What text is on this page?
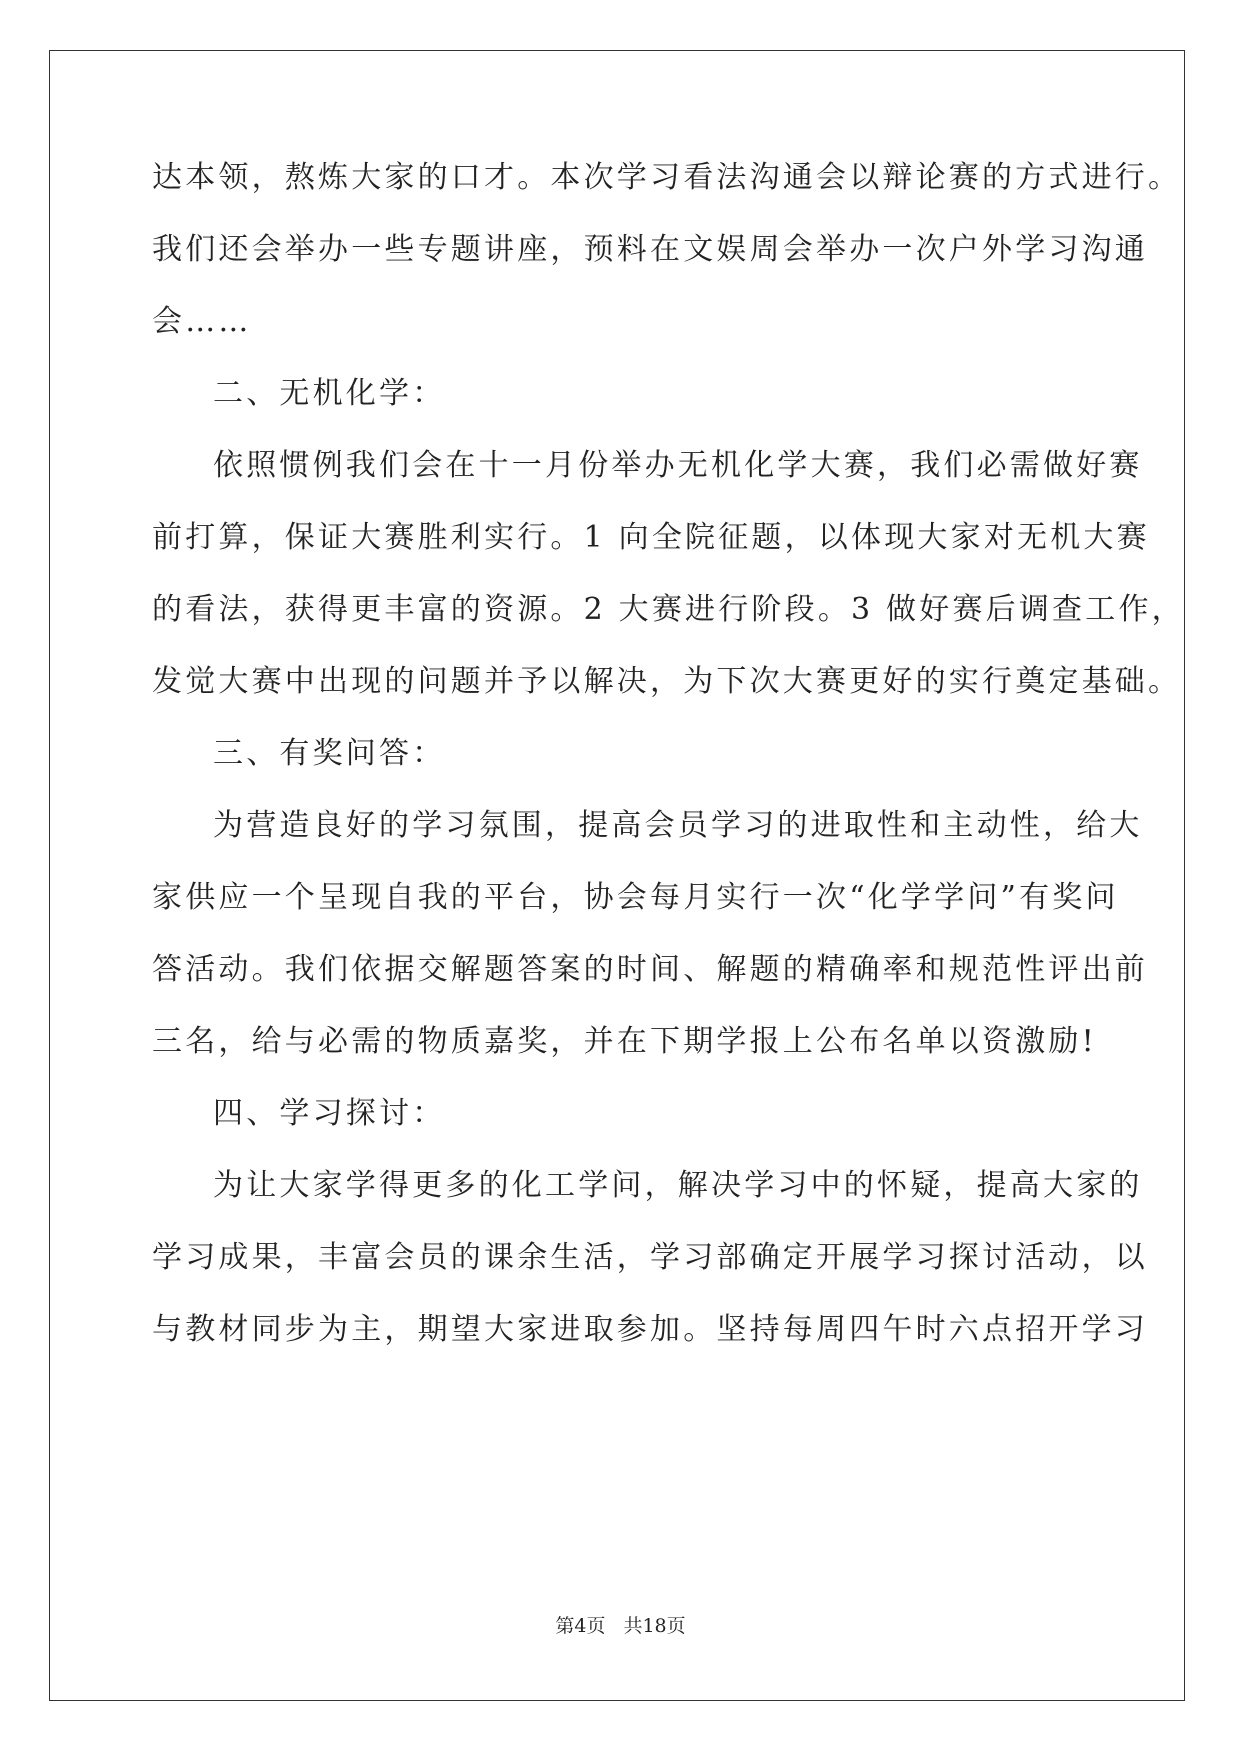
达本领，熬炼大家的口才。本次学习看法沟通会以辩论赛的方式进行。
我们还会举办一些专题讲座，预料在文娱周会举办一次户外学习沟通
会……
二、无机化学：
依照惯例我们会在十一月份举办无机化学大赛，我们必需做好赛
前打算，保证大赛胜利实行。1 向全院征题，以体现大家对无机大赛
的看法，获得更丰富的资源。2 大赛进行阶段。3 做好赛后调查工作，
发觉大赛中出现的问题并予以解决，为下次大赛更好的实行奠定基础。
三、有奖问答：
为营造良好的学习氛围，提高会员学习的进取性和主动性，给大
家供应一个呈现自我的平台，协会每月实行一次“化学学问”有奖问
答活动。我们依据交解题答案的时间、解题的精确率和规范性评出前
三名，给与必需的物质嘉奖，并在下期学报上公布名单以资激励!
四、学习探讨：
为让大家学得更多的化工学问，解决学习中的怀疑，提高大家的
学习成果，丰富会员的课余生活，学习部确定开展学习探讨活动，以
与教材同步为主，期望大家进取参加。坚持每周四午时六点招开学习
第4页 共18页
